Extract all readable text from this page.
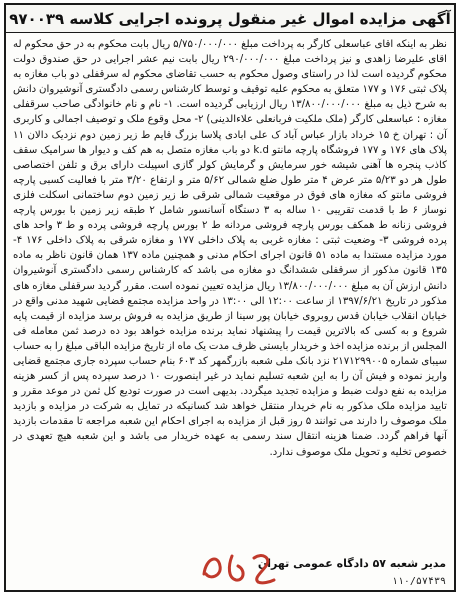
آگهی مزایده اموال غیر منقول پرونده اجرایی کلاسه ۹۷۰۰۳۹

نظر به اینکه اقای عباسعلی کارگر به پرداخت مبلغ ۵/۷۵۰/۰۰۰/۰۰۰ ریال بابت محکوم به در حق محکوم له اقای علیرضا زاهدی و نیز پرداخت مبلغ ۲۹۰/۰۰۰/۰۰۰ ریال بابت نیم عشر اجرایی در حق صندوق دولت محکوم گردیده است لذا در راستای وصول محکوم به حسب تقاضای محکوم له سرقفلی دو باب مغازه به پلاک ثبتی ۱۷۶ و ۱۷۷ متعلق به محکوم علیه توقیف و توسط کارشناس رسمی دادگستری آنوشیروان دانش به شرح ذیل به مبلغ ۱۳/۸۰۰/۰۰۰/۰۰۰ ریال ارزیابی گردیده است. ۱- نام و نام خانوادگی صاحب سرقفلی مغازه : عباسعلی کارگر (ملک ملکیت فربانعلی علاءالدینی) ۲- محل وقوع ملک و توصیف اجمالی و کاربری آن : تهران خ ۱۵ خرداد بازار عباس آباد ک علی ابادی پلاسا بزرگ قایم ط زیر زمین دوم نزدیک دالان ۱۱ پلاک های ۱۷۶ و ۱۷۷ فروشگاه پارچه مانتو k.d دو باب مغازه متصل به هم کف و دیوار ها سرامیک سقف کاذب پنجره ها آهنی شیشه خور سرمایش و گرمایش کولر گازی اسپیلت دارای برق و تلفن اختصاصی طول هر دو ۵/۲۳ متر عرض ۴ متر طول ضلع شمالی ۵/۶۲ متر و ارتفاع ۳/۲۰ متر با فعالیت کسبی پارچه فروشی مانتو که مغازه های فوق در موقعیت شمالی شرقی ط زیر زمین دوم ساختمانی اسکلت فلزی نوساز ۶ ط با قدمت تقریبی ۱۰ ساله به ۳ دستگاه آسانسور شامل ۲ طبقه زیر زمین با بورس پارچه فروشی زنانه ط همکف بورس پارچه فروشی مردانه ط ۲ بورس پارچه فروشی پرده و ط ۳ واحد های پرده فروشی ۳- وضعیت ثبتی : مغازه غربی به پلاک داخلی ۱۷۷ و مغازه شرقی به پلاک داخلی ۱۷۶ ۴- مورد مزایده مستندا به ماده ۵۱ قانون اجرای احکام مدنی و همچنین ماده ۱۳۷ همان قانون ناظر به ماده ۱۳۵ قانون مذکور از سرقفلی ششدانگ دو مغازه می باشد که کارشناس رسمی دادگستری آنوشیروان دانش ارزش آن به مبلغ ۱۳/۸۰۰/۰۰۰/۰۰۰ ریال مزایده تعیین نموده است. مقرر گردید سرقفلی مغازه های مذکور در تاریخ ۱۳۹۷/۶/۲۱ از ساعت ۱۲:۰۰ الی ۱۳:۰۰ در واحد مزایده مجتمع قضایی شهید مدنی واقع در خیابان انقلاب خیابان قدس روبروی خیابان پور سینا از طریق مزایده به فروش برسد مزایده از قیمت پایه شروع و به کسی که بالاترین قیمت را پیشنهاد نماید برنده مزایده خواهد بود ده درصد ثمن معامله فی المجلس از برنده مزایده اخذ و خریدار بایستی ظرف مدت یک ماه از تاریخ مزایده الباقی مبلغ را به حساب سیبای شماره ۲۱۷۱۲۹۹۰۰۵ نزد بانک ملی شعبه بازرگمهر کد ۶۰۳ بنام حساب سپرده جاری مجتمع قضایی واریز نموده و فیش آن را به این شعبه تسلیم نماید در غیر اینصورت ۱۰ درصد سپرده پس از کسر هزینه مزایده به نفع دولت ضبط و مزایده تجدید میگردد. بدیهی است در صورت تودیع کل ثمن در موعد مقرر و تایید مزایده ملک مذکور به نام خریدار منتقل خواهد شد کسانیکه در تمایل به شرکت در مزایده و بازدید ملک موصوف را دارند می توانند ۵ روز قبل از مزایده به اجرای احکام این شعبه مراجعه تا مقدمات بازدید آنها فراهم گردد. ضمنا هزینه انتقال سند رسمی به عهده خریدار می باشد و این شعبه هیچ تعهدی در خصوص تخلیه و تحویل ملک موصوف ندارد.

مدیر شعبه ۵۷ دادگاه عمومی تهران
۱۱۰/۵۷۴۳۹
